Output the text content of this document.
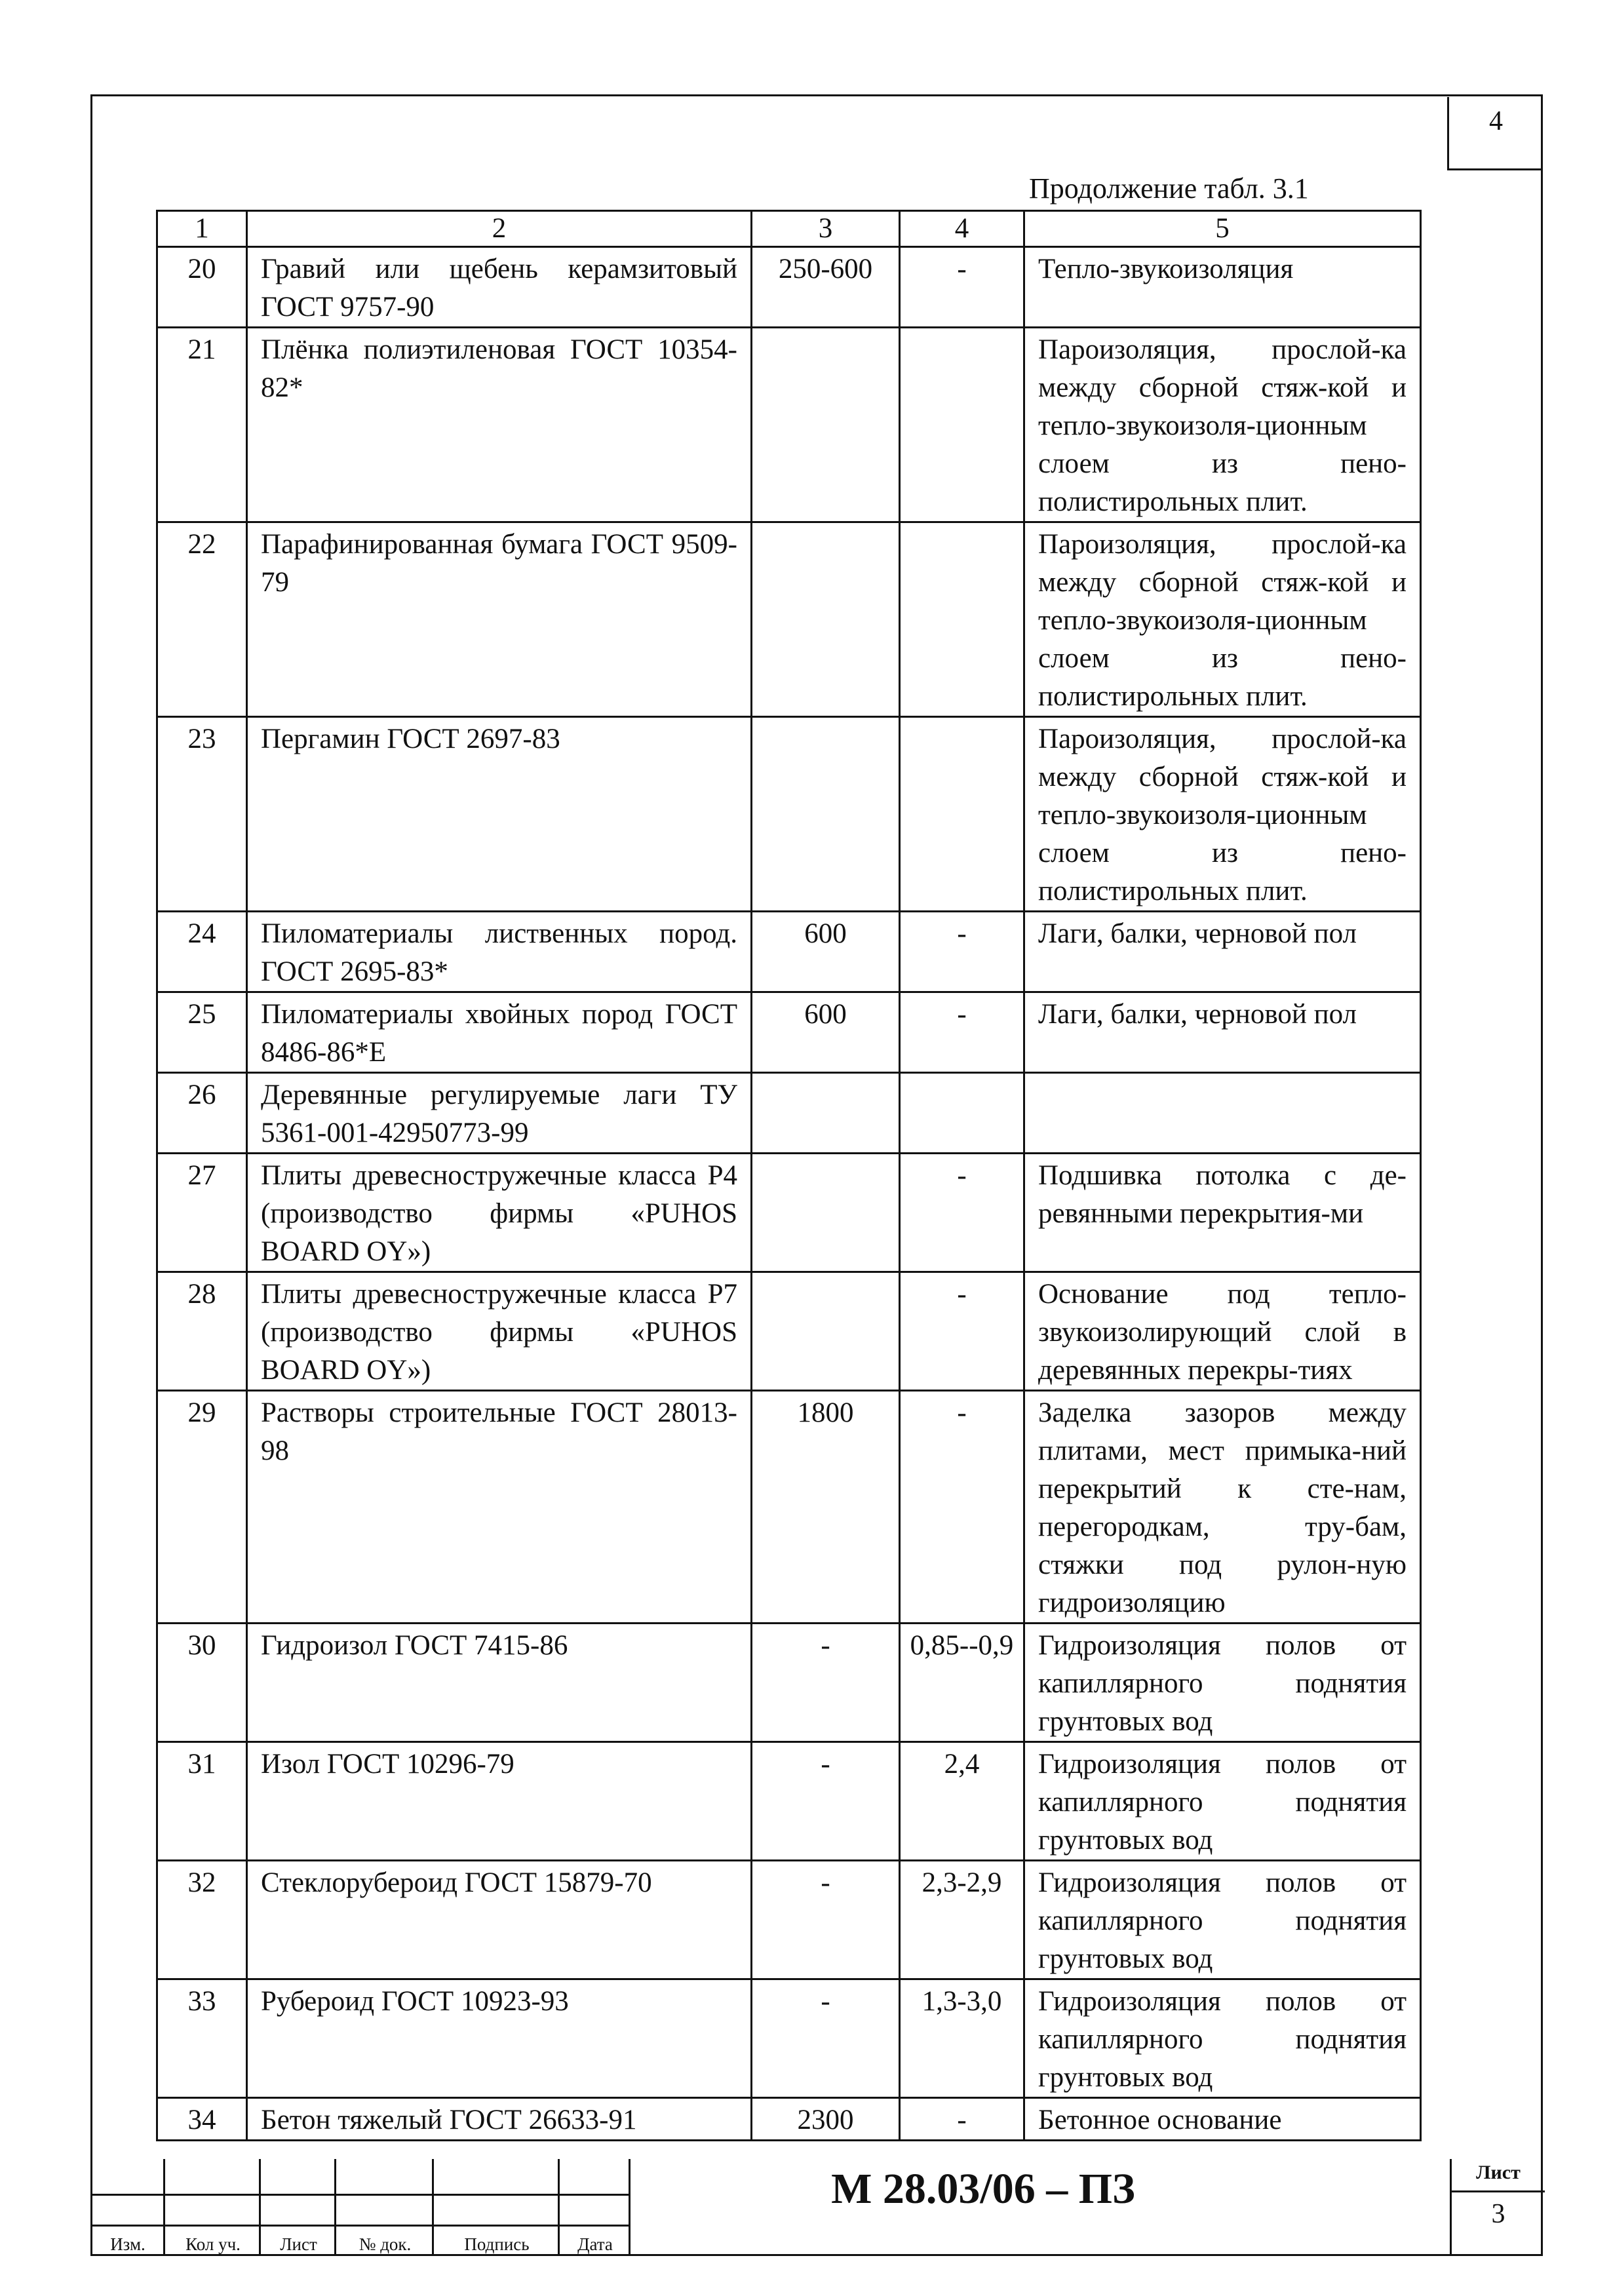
4
Продолжение табл. 3.1
1	2	3	4	5
20	Гравий или щебень керамзитовый ГОСТ 9757-90	250-600	-	Тепло-звукоизоляция
21	Плёнка полиэтиленовая ГОСТ 10354-82*			Пароизоляция, прослой-ка между сборной стяж-кой и тепло-звукоизоля-ционным слоем из пено-полистирольных плит.
22	Парафинированная бумага ГОСТ 9509-79			Пароизоляция, прослой-ка между сборной стяж-кой и тепло-звукоизоля-ционным слоем из пено-полистирольных плит.
23	Пергамин ГОСТ 2697-83			Пароизоляция, прослой-ка между сборной стяж-кой и тепло-звукоизоля-ционным слоем из пено-полистирольных плит.
24	Пиломатериалы лиственных пород. ГОСТ 2695-83*	600	-	Лаги, балки, черновой пол
25	Пиломатериалы хвойных пород ГОСТ 8486-86*Е	600	-	Лаги, балки, черновой пол
26	Деревянные регулируемые лаги ТУ 5361-001-42950773-99			
27	Плиты древесностружечные класса Р4 (производство фирмы «PUHOS BOARD OY»)		-	Подшивка потолка с де-ревянными перекрытия-ми
28	Плиты древесностружечные класса Р7 (производство фирмы «PUHOS BOARD OY»)		-	Основание под тепло-звукоизолирующий слой в деревянных перекры-тиях
29	Растворы строительные ГОСТ 28013-98	1800	-	Заделка зазоров между плитами, мест примыка-ний перекрытий к сте-нам, перегородкам, тру-бам, стяжки под рулон-ную гидроизоляцию
30	Гидроизол ГОСТ 7415-86	-	0,85--0,9	Гидроизоляция полов от капиллярного поднятия грунтовых вод
31	Изол ГОСТ 10296-79	-	2,4	Гидроизоляция полов от капиллярного поднятия грунтовых вод
32	Стеклорубероид ГОСТ 15879-70	-	2,3-2,9	Гидроизоляция полов от капиллярного поднятия грунтовых вод
33	Рубероид ГОСТ 10923-93	-	1,3-3,0	Гидроизоляция полов от капиллярного поднятия грунтовых вод
34	Бетон тяжелый ГОСТ 26633-91	2300	-	Бетонное основание
Изм.	Кол уч.	Лист	№ док.	Подпись	Дата
М 28.03/06 – ПЗ	Лист
3
